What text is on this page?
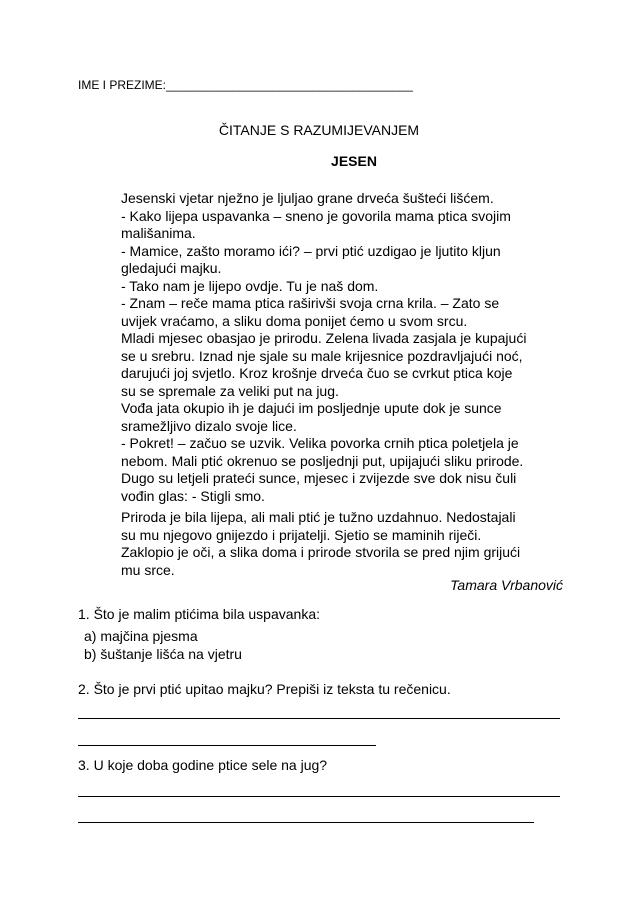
IME I PREZIME:_____________________________________
ČITANJE S RAZUMIJEVANJEM
JESEN

Jesenski vjetar nježno je ljuljao grane drveća šušteći lišćem.

- Kako lijepa uspavanka – sneno je govorila mama ptica svojim

mališanima.

- Mamice, zašto moramo ići? – prvi ptić uzdigao je ljutito kljun

gledajući majku.

- Tako nam je lijepo ovdje. Tu je naš dom.

- Znam – reče mama ptica raširivši svoja crna krila. – Zato se

uvijek vraćamo, a sliku doma ponijet ćemo u svom srcu.

Mladi mjesec obasjao je prirodu. Zelena livada zasjala je kupajući

se u srebru. Iznad nje sjale su male krijesnice pozdravljajući noć,

darujući joj svjetlo. Kroz krošnje drveća čuo se cvrkut ptica koje

su se spremale za veliki put na jug.

Vođa jata okupio ih je dajući im posljednje upute dok je sunce

sramežljivo dizalo svoje lice.

- Pokret! – začuo se uzvik. Velika povorka crnih ptica poletjela je

nebom. Mali ptić okrenuo se posljednji put, upijajući sliku prirode.

Dugo su letjeli prateći sunce, mjesec i zvijezde sve dok nisu čuli

vođin glas: - Stigli smo.

Priroda je bila lijepa, ali mali ptić je tužno uzdahnuo. Nedostajali

su mu njegovo gnijezdo i prijatelji. Sjetio se maminih riječi.

Zaklopio je oči, a slika doma i prirode stvorila se pred njim grijući

mu srce.

Tamara Vrbanović
1. Što je malim ptićima bila uspavanka:
a) majčina pjesma
b) šuštanje lišća na vjetru
2. Što je prvi ptić upitao majku? Prepiši iz teksta tu rečenicu.
3. U koje doba godine ptice sele na jug?
